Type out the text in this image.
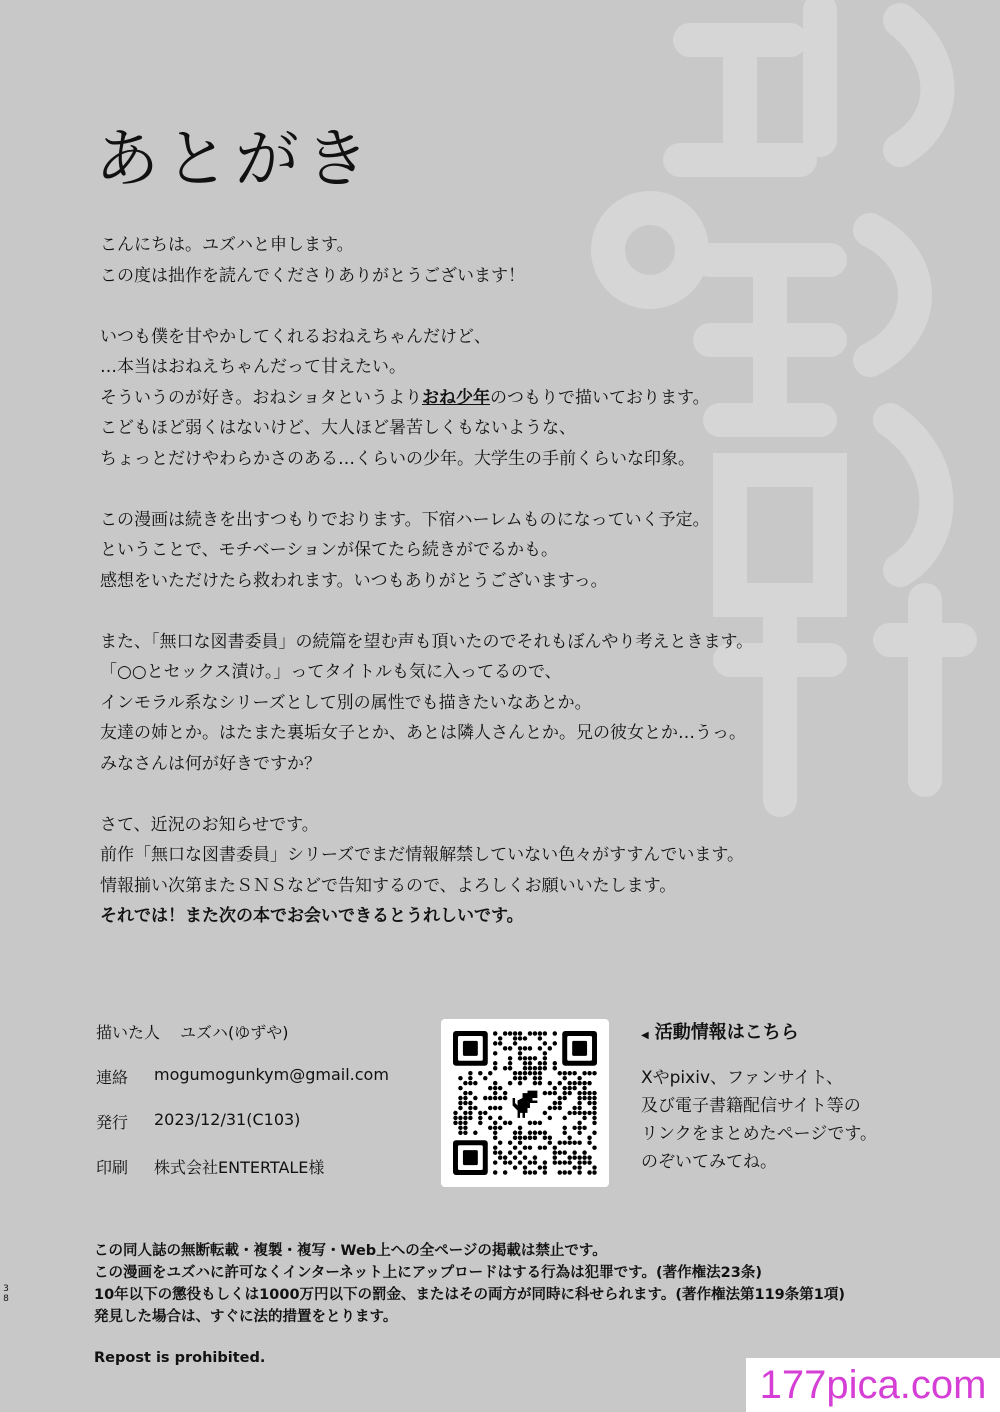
あとがき
こんにちは。ユズハと申します。
この度は拙作を読んでくださりありがとうございます！
いつも僕を甘やかしてくれるおねえちゃんだけど、
…本当はおねえちゃんだって甘えたい。
そういうのが好き。おねショタというよりおね少年のつもりで描いております。
こどもほど弱くはないけど、大人ほど暑苦しくもないような、
ちょっとだけやわらかさのある…くらいの少年。大学生の手前くらいな印象。
この漫画は続きを出すつもりでおります。下宿ハーレムものになっていく予定。
ということで、モチベーションが保てたら続きがでるかも。
感想をいただけたら救われます。いつもありがとうございますっ。
また、「無口な図書委員」の続篇を望む声も頂いたのでそれもぼんやり考えときます。
「○○とセックス漬け。」ってタイトルも気に入ってるので、
インモラル系なシリーズとして別の属性でも描きたいなあとか。
友達の姉とか。はたまた裏垢女子とか、あとは隣人さんとか。兄の彼女とか…うっ。
みなさんは何が好きですか？
さて、近況のお知らせです。
前作「無口な図書委員」シリーズでまだ情報解禁していない色々がすすんでいます。
情報揃い次第またＳＮＳなどで告知するので、よろしくお願いいたします。
それでは！また次の本でお会いできるとうれしいです。
描いた人 ユズハ(ゆずや)
連絡	mogumogunkym@gmail.com
発行	2023/12/31(C103)
印刷	株式会社ENTERTALE様
◀ 活動情報はこちら
Xやpixiv、ファンサイト、
及び電子書籍配信サイト等の
リンクをまとめたページです。
のぞいてみてね。
この同人誌の無断転載・複製・複写・Web上への全ページの掲載は禁止です。
この漫画をユズハに許可なくインターネット上にアップロードはする行為は犯罪です。(著作権法23条)
10年以下の懲役もしくは1000万円以下の罰金、またはその両方が同時に科せられます。(著作権法第119条第1項)
発見した場合は、すぐに法的措置をとります。
Repost is prohibited.
3
8
177pica.com
